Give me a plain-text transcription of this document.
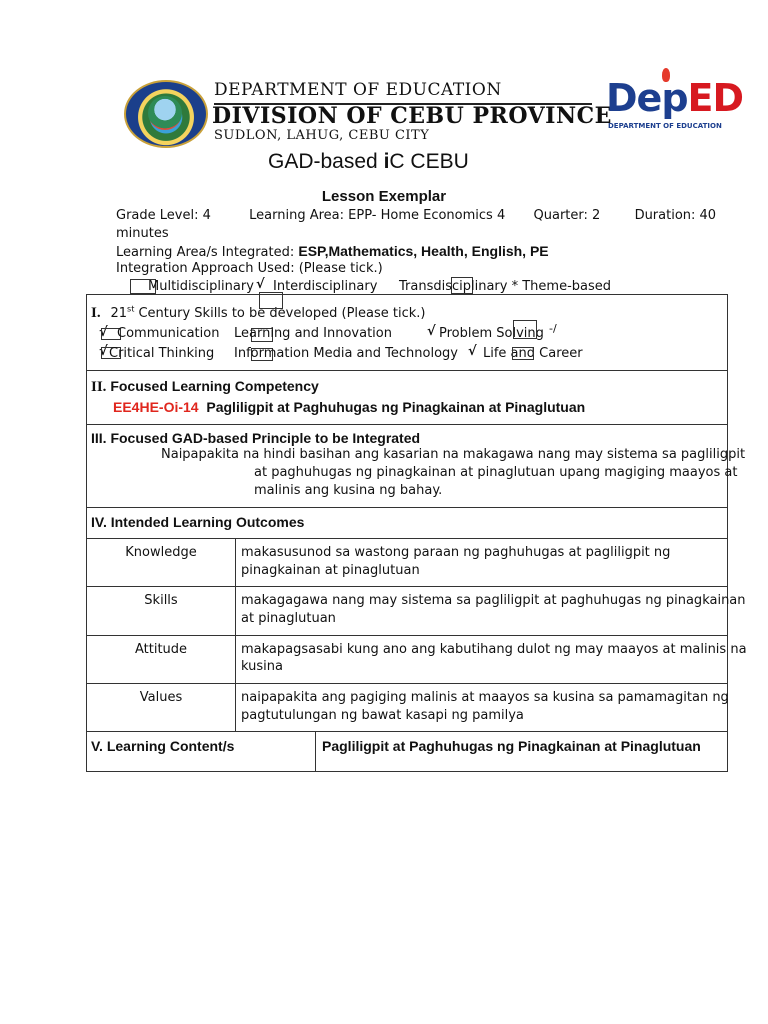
DEPARTMENT OF EDUCATION
DIVISION OF CEBU PROVINCE
SUDLON, LAHUG, CEBU CITY
DepED
DEPARTMENT OF EDUCATION
GAD-based iC CEBU
Lesson Exemplar
Grade Level: 4	Learning Area: EPP- Home Economics 4 Quarter: 2	Duration: 40
minutes
Learning Area/s Integrated: ESP,Mathematics, Health, English, PE
Integration Approach Used: (Please tick.)
Multidisciplinary √ Interdisciplinary Transdisciplinary * Theme-based
I. 21st Century Skills to be developed (Please tick.)
√ Communication Learning and Innovation	√ Problem Solving -/
√ Critical Thinking Information Media and Technology √ Life and Career
II. Focused Learning Competency
EE4HE-Oi-14 Pagliligpit at Paghuhugas ng Pinagkainan at Pinaglutuan
III. Focused GAD-based Principle to be Integrated
Naipapakita na hindi basihan ang kasarian na makagawa nang may sistema sa pagliligpit
at paghuhugas ng pinagkainan at pinaglutuan upang magiging maayos at
malinis ang kusina ng bahay.
IV. Intended Learning Outcomes
Knowledge	makasusunod sa wastong paraan ng paghuhugas at pagliligpit ng
pinagkainan at pinaglutuan
Skills	makagagawa nang may sistema sa pagliligpit at paghuhugas ng pinagkainan
at pinaglutuan
Attitude	makapagsasabi kung ano ang kabutihang dulot ng may maayos at malinis na
kusina
Values	naipapakita ang pagiging malinis at maayos sa kusina sa pamamagitan ng
pagtutulungan ng bawat kasapi ng pamilya
V. Learning Content/s	Pagliligpit at Paghuhugas ng Pinagkainan at Pinaglutuan
